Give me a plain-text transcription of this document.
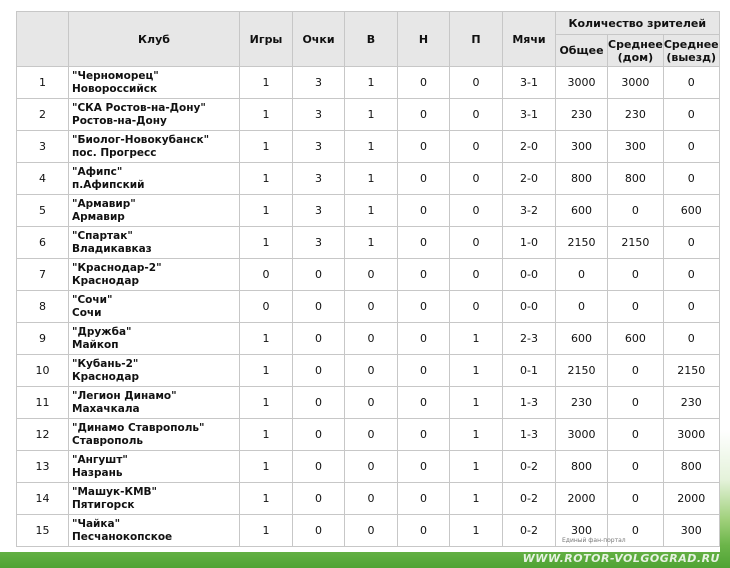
	Клуб	Игры	Очки	В	Н	П	Мячи	Количество зрителей		
								Общее	Среднее (дом)	Среднее (выезд)
1	"Черноморец"
Новороссийск	1	3	1	0	0	3-1	3000	3000	0
2	"СКА Ростов-на-Дону"
Ростов-на-Дону	1	3	1	0	0	3-1	230	230	0
3	"Биолог-Новокубанск"
пос. Прогресс	1	3	1	0	0	2-0	300	300	0
4	"Афипс"
п.Афипский	1	3	1	0	0	2-0	800	800	0
5	"Армавир"
Армавир	1	3	1	0	0	3-2	600	0	600
6	"Спартак"
Владикавказ	1	3	1	0	0	1-0	2150	2150	0
7	"Краснодар-2"
Краснодар	0	0	0	0	0	0-0	0	0	0
8	"Сочи"
Сочи	0	0	0	0	0	0-0	0	0	0
9	"Дружба"
Майкоп	1	0	0	0	1	2-3	600	600	0
10	"Кубань-2"
Краснодар	1	0	0	0	1	0-1	2150	0	2150
11	"Легион Динамо"
Махачкала	1	0	0	0	1	1-3	230	0	230
12	"Динамо Ставрополь"
Ставрополь	1	0	0	0	1	1-3	3000	0	3000
13	"Ангушт"
Назрань	1	0	0	0	1	0-2	800	0	800
14	"Машук-КМВ"
Пятигорск	1	0	0	0	1	0-2	2000	0	2000
15	"Чайка"
Песчанокопское	1	0	0	0	1	0-2	300	0	300
Единый фан-портал
WWW.ROTOR-VOLGOGRAD.RU
